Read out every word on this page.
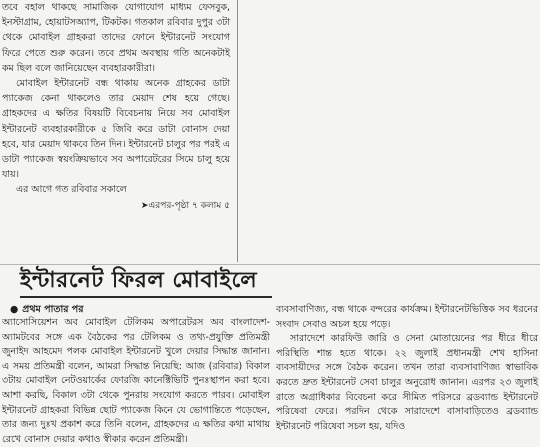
তবে বহাল থাকছে সামাজিক যোগাযোগ মাধ্যম ফেসবুক, ইনস্টাগ্রাম, হোয়াটসঅ্যাপ, টিকটক। গতকাল রবিবার দুপুর ৩টা থেকে মোবাইল গ্রাহকরা তাদের ফোনে ইন্টারনেট সংযোগ ফিরে পেতে শুরু করেন। তবে প্রথম অবস্থায় গতি অনেকটাই কম ছিল বলে জানিয়েছেন ব্যবহারকারীরা।

মোবাইল ইন্টারনেট বন্ধ থাকায় অনেক গ্রাহকের ডাটা প্যাকেজ কেনা থাকলেও তার মেয়াদ শেষ হয়ে গেছে। গ্রাহকদের এ ক্ষতির বিষয়টি বিবেচনায় নিয়ে সব মোবাইল ইন্টারনেট ব্যবহারকারীকে ৫ জিবি করে ডাটা বোনাস দেয়া হবে, যার মেয়াদ থাকবে তিন দিন। ইন্টারনেট চালুর পর পরই এ ডাটা প্যাকেজ স্বয়ংক্রিয়ভাবে সব অপারেটরের সিমে চালু হয়ে যায়।

এর আগে গত রবিবার সকালে

➤এরপর-পৃষ্ঠা ৭ কলাম ৫

ইন্টারনেট ফিরল মোবাইলে
● প্রথম পাতার পর

অ্যাসোসিয়েশন অব মোবাইল টেলিকম অপারেটরস অব বাংলাদেশ-অ্যামটবের সঙ্গে এক বৈঠকের পর টেলিকম ও তথ্য-প্রযুক্তি প্রতিমন্ত্রী জুনাইদ আহমেদ পলক মোবাইল ইন্টারনেট খুলে দেয়ার সিদ্ধান্ত জানান। এ সময় প্রতিমন্ত্রী বলেন, আমরা সিদ্ধান্ত নিয়েছি: আজ (রবিবার) বিকাল ৩টায় মোবাইল নেটওয়ার্কের ফোরজি কানেক্টিভিটি পুনঃস্থাপন করা হবে। আশা করছি, বিকাল ৩টা থেকে পুনরায় সংযোগ করতে পারব। মোবাইল ইন্টারনেট গ্রাহকরা বিভিন্ন ছোট প্যাকেজ কিনে যে ভোগান্তিতে পড়েছেন, তার জন্য দুঃখ প্রকাশ করে তিনি বলেন, গ্রাহকদের এ ক্ষতির কথা মাথায় রেখে বোনাস দেয়ার কথাও স্বীকার করেন প্রতিমন্ত্রী।

ব্যবসাবাণিজ্য, বন্ধ থাকে বন্দরের কার্যক্রম। ইন্টারনেটভিত্তিক সব ধরনের সংবাদ সেবাও অচল হয়ে পড়ে।

সারাদেশে কারফিউ জারি ও সেনা মোতায়েনের পর ধীরে ধীরে পরিস্থিতি শান্ত হতে থাকে। ২২ জুলাই প্রধানমন্ত্রী শেখ হাসিনা ব্যবসায়ীদের সঙ্গে বৈঠক করেন। তখন তারা ব্যবসাবাণিজ্য স্বাভাবিক করতে দ্রুত ইন্টারনেট সেবা চালুর অনুরোধ জানান। এরপর ২৩ জুলাই রাতে অগ্রাধিকার বিবেচনা করে সীমিত পরিসরে ব্রডব্যান্ড ইন্টারনেট পরিষেবা ফেরে। পরদিন থেকে সারাদেশে বাসাবাড়িতেও ব্রডব্যান্ড ইন্টারনেট পরিষেবা সচল হয়, যদিও
